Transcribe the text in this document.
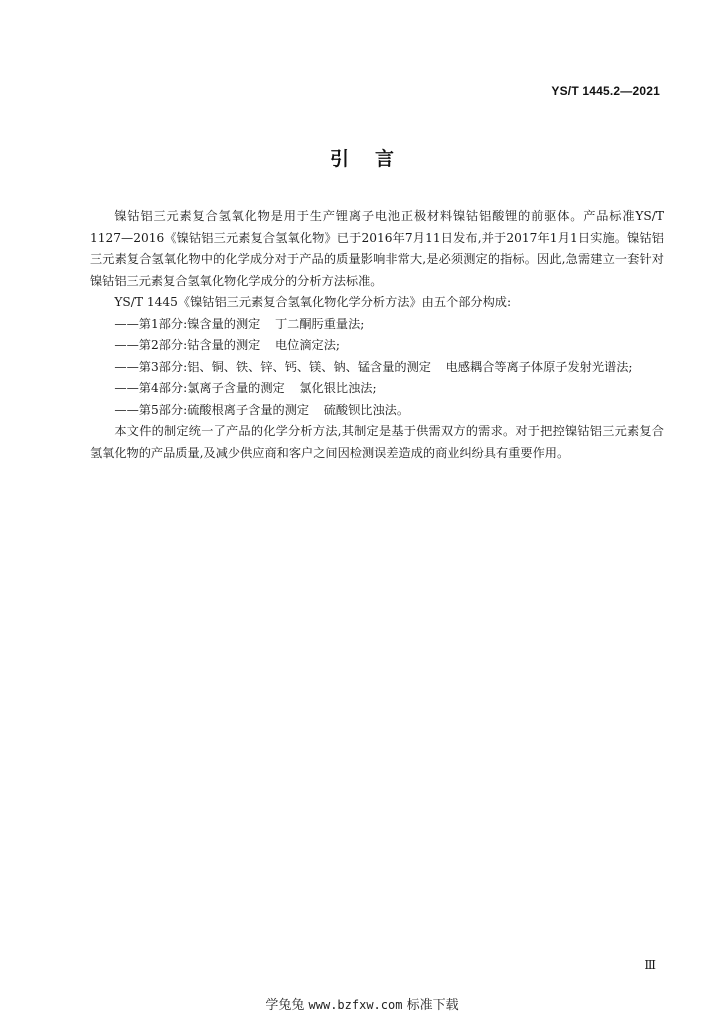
YS/T 1445.2—2021
引言

镍钴铝三元素复合氢氧化物是用于生产锂离子电池正极材料镍钴铝酸锂的前驱体。产品标准YS/T 1127—2016《镍钴铝三元素复合氢氧化物》已于2016年7月11日发布,并于2017年1月1日实施。镍钴铝三元素复合氢氧化物中的化学成分对于产品的质量影响非常大,是必须测定的指标。因此,急需建立一套针对镍钴铝三元素复合氢氧化物化学成分的分析方法标准。

YS/T 1445《镍钴铝三元素复合氢氧化物化学分析方法》由五个部分构成:

——第1部分:镍含量的测定 丁二酮肟重量法;
——第2部分:钴含量的测定 电位滴定法;
——第3部分:铝、铜、铁、锌、钙、镁、钠、锰含量的测定 电感耦合等离子体原子发射光谱法;
——第4部分:氯离子含量的测定 氯化银比浊法;
——第5部分:硫酸根离子含量的测定 硫酸钡比浊法。

本文件的制定统一了产品的化学分析方法,其制定是基于供需双方的需求。对于把控镍钴铝三元素复合氢氧化物的产品质量,及减少供应商和客户之间因检测误差造成的商业纠纷具有重要作用。

Ⅲ
学兔兔 www.bzfxw.com 标准下载
